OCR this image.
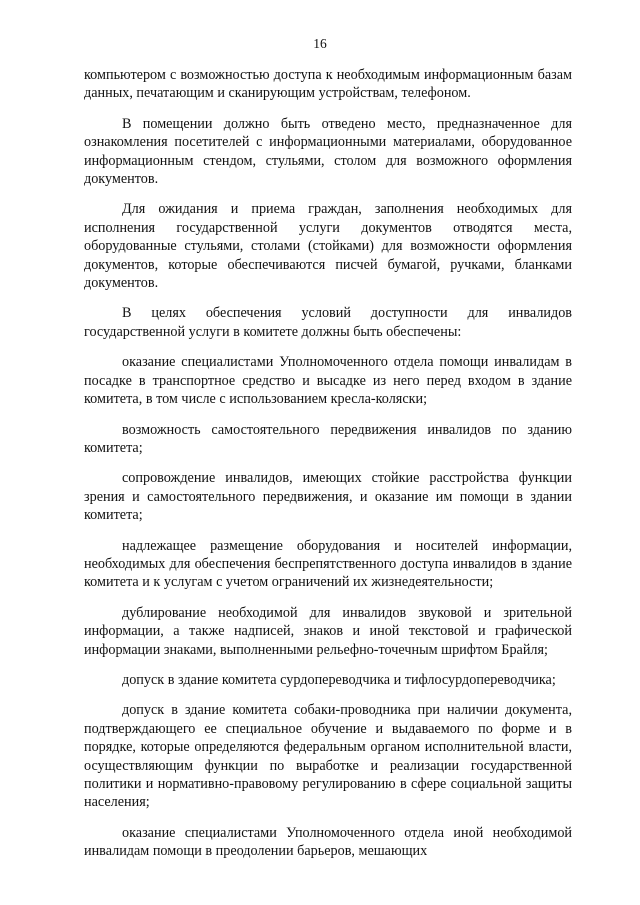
16

компьютером с возможностью доступа к необходимым информационным базам данных, печатающим и сканирующим устройствам, телефоном.

В помещении должно быть отведено место, предназначенное для ознакомления посетителей с информационными материалами, оборудованное информационным стендом, стульями, столом для возможного оформления документов.

Для ожидания и приема граждан, заполнения необходимых для исполнения государственной услуги документов отводятся места, оборудованные стульями, столами (стойками) для возможности оформления документов, которые обеспечиваются писчей бумагой, ручками, бланками документов.

В целях обеспечения условий доступности для инвалидов государственной услуги в комитете должны быть обеспечены:

оказание специалистами Уполномоченного отдела помощи инвалидам в посадке в транспортное средство и высадке из него перед входом в здание комитета, в том числе с использованием кресла-коляски;

возможность самостоятельного передвижения инвалидов по зданию комитета;

сопровождение инвалидов, имеющих стойкие расстройства функции зрения и самостоятельного передвижения, и оказание им помощи в здании комитета;

надлежащее размещение оборудования и носителей информации, необходимых для обеспечения беспрепятственного доступа инвалидов в здание комитета и к услугам с учетом ограничений их жизнедеятельности;

дублирование необходимой для инвалидов звуковой и зрительной информации, а также надписей, знаков и иной текстовой и графической информации знаками, выполненными рельефно-точечным шрифтом Брайля;

допуск в здание комитета сурдопереводчика и тифлосурдопереводчика;

допуск в здание комитета собаки-проводника при наличии документа, подтверждающего ее специальное обучение и выдаваемого по форме и в порядке, которые определяются федеральным органом исполнительной власти, осуществляющим функции по выработке и реализации государственной политики и нормативно-правовому регулированию в сфере социальной защиты населения;

оказание специалистами Уполномоченного отдела иной необходимой инвалидам помощи в преодолении барьеров, мешающих
